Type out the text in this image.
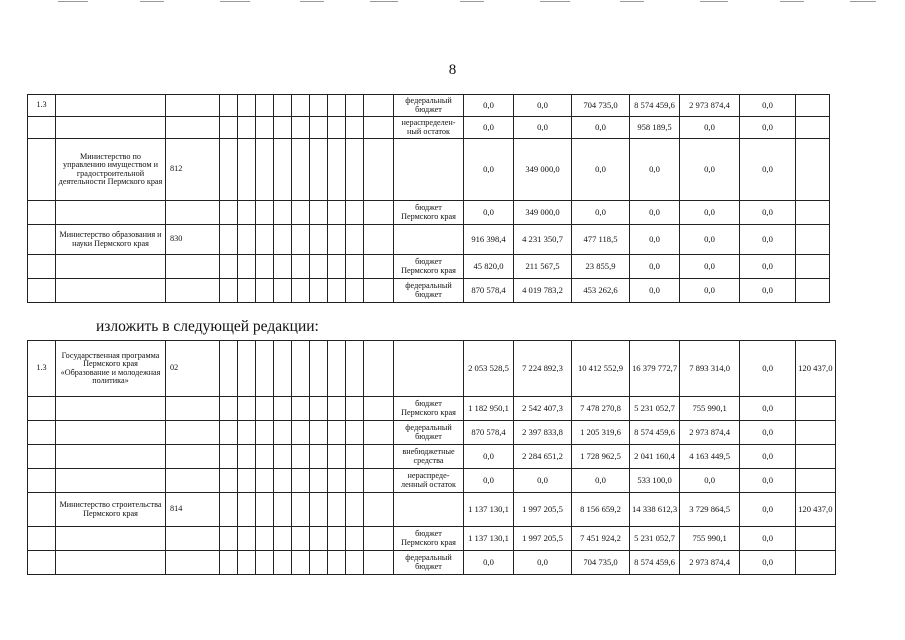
8
1.3												федеральный бюджет	0,0	0,0	704 735,0	8 574 459,6	2 973 874,4	0,0	
												нераспределен-ный остаток	0,0	0,0	0,0	958 189,5	0,0	0,0	
	Министерство по управлению имуществом и градостроительной деятельности Пермского края	812											0,0	349 000,0	0,0	0,0	0,0	0,0	
												бюджет Пермского края	0,0	349 000,0	0,0	0,0	0,0	0,0	
	Министерство образования и науки Пермского края	830											916 398,4	4 231 350,7	477 118,5	0,0	0,0	0,0	
												бюджет Пермского края	45 820,0	211 567,5	23 855,9	0,0	0,0	0,0	
												федеральный бюджет	870 578,4	4 019 783,2	453 262,6	0,0	0,0	0,0	
изложить в следующей редакции:
1.3	Государственная программа Пермского края «Образование и молодежная политика»	02											2 053 528,5	7 224 892,3	10 412 552,9	16 379 772,7	7 893 314,0	0,0	120 437,0
												бюджет Пермского края	1 182 950,1	2 542 407,3	7 478 270,8	5 231 052,7	755 990,1	0,0	
												федеральный бюджет	870 578,4	2 397 833,8	1 205 319,6	8 574 459,6	2 973 874,4	0,0	
												внебюджетные средства	0,0	2 284 651,2	1 728 962,5	2 041 160,4	4 163 449,5	0,0	
												нераспреде-ленный остаток	0,0	0,0	0,0	533 100,0	0,0	0,0	
	Министерство строительства Пермского края	814											1 137 130,1	1 997 205,5	8 156 659,2	14 338 612,3	3 729 864,5	0,0	120 437,0
												бюджет Пермского края	1 137 130,1	1 997 205,5	7 451 924,2	5 231 052,7	755 990,1	0,0	
												федеральный бюджет	0,0	0,0	704 735,0	8 574 459,6	2 973 874,4	0,0	
